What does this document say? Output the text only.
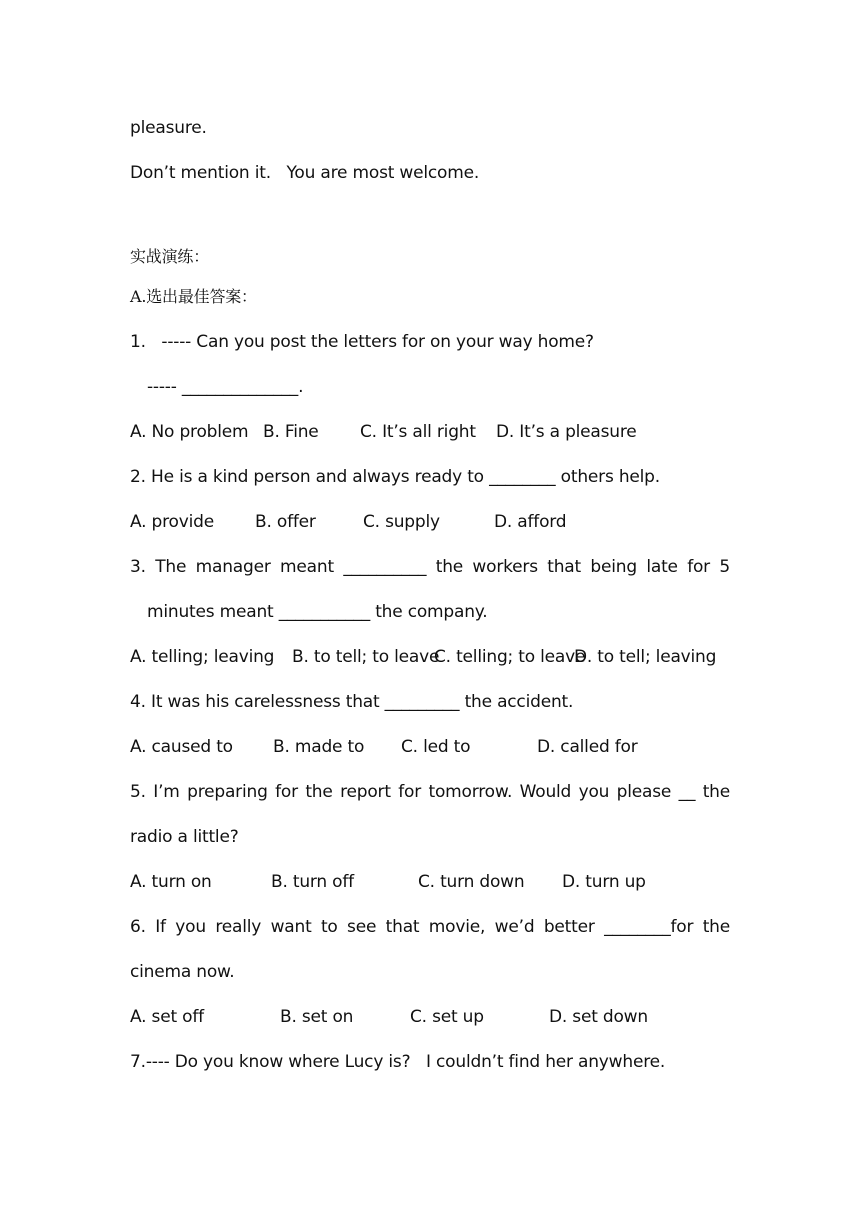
pleasure.
Don’t mention it.   You are most welcome.
实战演练：
A.选出最佳答案：
1.   ----- Can you post the letters for on your way home?
----- ______________.

A. No problem

B. Fine

C. It’s all right

D. It’s a pleasure

2. He is a kind person and always ready to ________ others help.

A. provide

B. offer

	C. supply

	D. afford

3. The manager meant __________ the workers that being late for 5
minutes meant ___________ the company.

A. telling; leaving

B. to tell; to leave

C. telling; to leave

D. to tell; leaving

4. It was his carelessness that _________ the accident.

A. caused to

B. made to

C. led to

	D. called for

5. I’m preparing for the report for tomorrow. Would you please __ the
radio a little?

A. turn on

	B. turn off

	C. turn down

D. turn up

6. If you really want to see that movie, we’d better ________for the
cinema now.

A. set off

	B. set on

	C. set up

	D. set down

7.---- Do you know where Lucy is?   I couldn’t find her anywhere.
